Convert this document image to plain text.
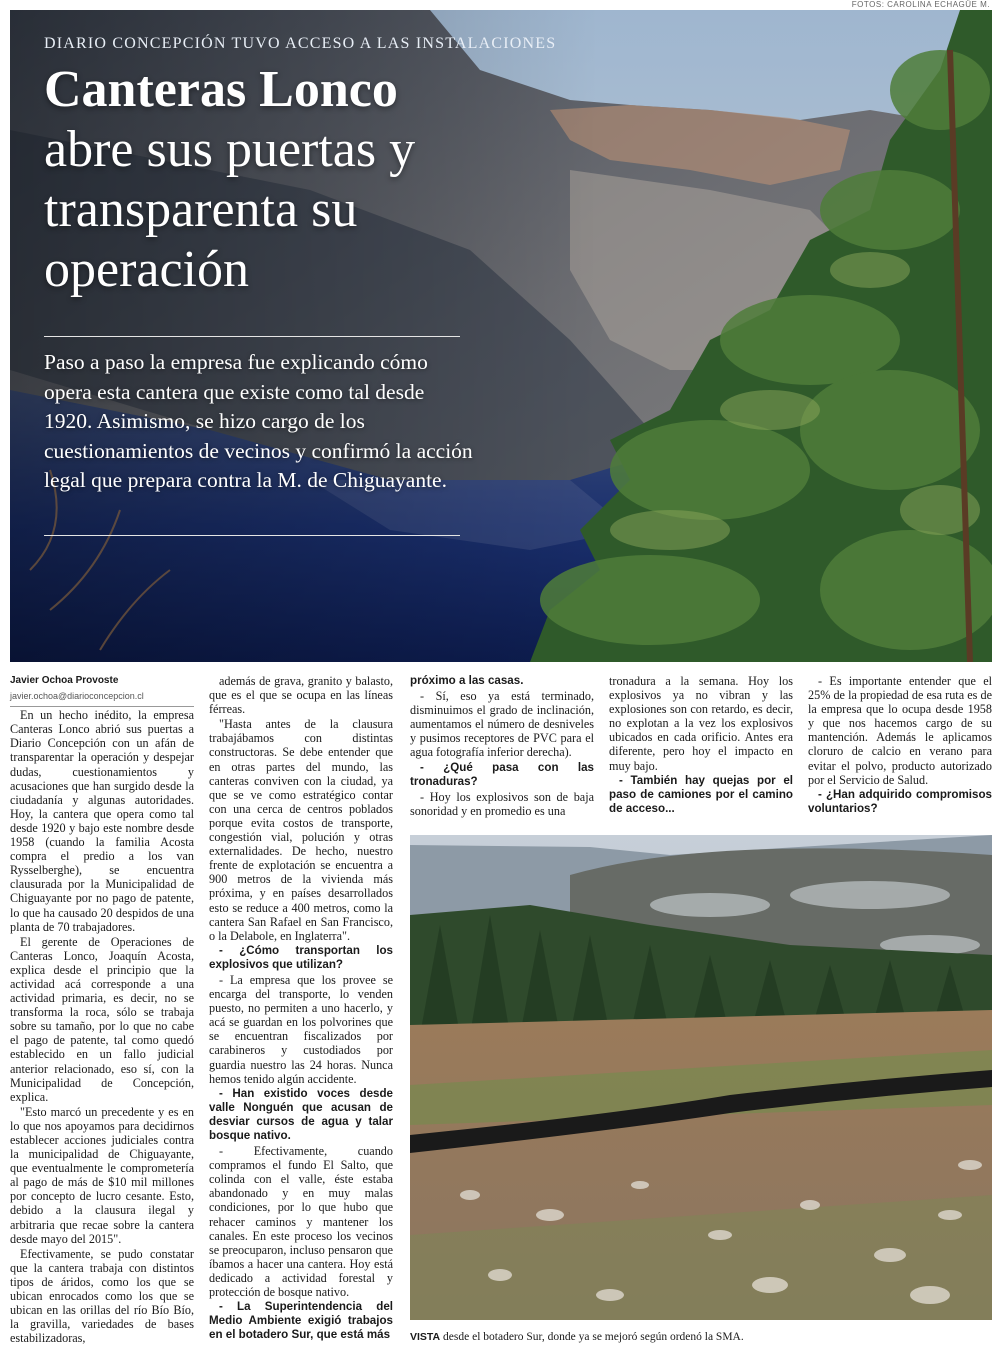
FOTOS: CAROLINA ECHAGÜE M.
DIARIO CONCEPCIÓN TUVO ACCESO A LAS INSTALACIONES
Canteras Lonco
abre sus puertas y transparenta su operación

Paso a paso la empresa fue explicando cómo opera esta cantera que existe como tal desde 1920. Asimismo, se hizo cargo de los cuestionamientos de vecinos y confirmó la acción legal que prepara contra la M. de Chiguayante.

Javier Ochoa Provoste

javier.ochoa@diarioconcepcion.cl

En un hecho inédito, la empresa Canteras Lonco abrió sus puertas a Diario Concepción con un afán de transparentar la operación y despejar dudas, cuestionamientos y acusaciones que han surgido desde la ciudadanía y algunas autoridades. Hoy, la cantera que opera como tal desde 1920 y bajo este nombre desde 1958 (cuando la familia Acosta compra el predio a los van Rysselberghe), se encuentra clausurada por la Municipalidad de Chiguayante por no pago de patente, lo que ha causado 20 despidos de una planta de 70 trabajadores.

El gerente de Operaciones de Canteras Lonco, Joaquín Acosta, explica desde el principio que la actividad acá corresponde a una actividad primaria, es decir, no se transforma la roca, sólo se trabaja sobre su tamaño, por lo que no cabe el pago de patente, tal como quedó establecido en un fallo judicial anterior relacionado, eso sí, con la Municipalidad de Concepción, explica.

"Esto marcó un precedente y es en lo que nos apoyamos para decidirnos establecer acciones judiciales contra la municipalidad de Chiguayante, que eventualmente le comprometería al pago de más de $10 mil millones por concepto de lucro cesante. Esto, debido a la clausura ilegal y arbitraria que recae sobre la cantera desde mayo del 2015".

Efectivamente, se pudo constatar que la cantera trabaja con distintos tipos de áridos, como los que se ubican enrocados como los que se ubican en las orillas del río Bío Bío, la gravilla, variedades de bases estabilizadoras,

además de grava, granito y balasto, que es el que se ocupa en las líneas férreas.

"Hasta antes de la clausura trabajábamos con distintas constructoras. Se debe entender que en otras partes del mundo, las canteras conviven con la ciudad, ya que se ve como estratégico contar con una cerca de centros poblados porque evita costos de transporte, congestión vial, polución y otras externalidades. De hecho, nuestro frente de explotación se encuentra a 900 metros de la vivienda más próxima, y en países desarrollados esto se reduce a 400 metros, como la cantera San Rafael en San Francisco, o la Delabole, en Inglaterra".

- ¿Cómo transportan los explosivos que utilizan?

- La empresa que los provee se encarga del transporte, lo venden puesto, no permiten a uno hacerlo, y acá se guardan en los polvorines que se encuentran fiscalizados por carabineros y custodiados por guardia nuestro las 24 horas. Nunca hemos tenido algún accidente.

- Han existido voces desde valle Nonguén que acusan de desviar cursos de agua y talar bosque nativo.

- Efectivamente, cuando compramos el fundo El Salto, que colinda con el valle, éste estaba abandonado y en muy malas condiciones, por lo que hubo que rehacer caminos y mantener los canales. En este proceso los vecinos se preocuparon, incluso pensaron que íbamos a hacer una cantera. Hoy está dedicado a actividad forestal y protección de bosque nativo.

- La Superintendencia del Medio Ambiente exigió trabajos en el botadero Sur, que está más

próximo a las casas.

- Sí, eso ya está terminado, disminuimos el grado de inclinación, aumentamos el número de desniveles y pusimos receptores de PVC para el agua fotografía inferior derecha).

- ¿Qué pasa con las tronaduras?

- Hoy los explosivos son de baja sonoridad y en promedio es una

tronadura a la semana. Hoy los explosivos ya no vibran y las explosiones son con retardo, es decir, no explotan a la vez los explosivos ubicados en cada orificio. Antes era diferente, pero hoy el impacto en muy bajo.

- También hay quejas por el paso de camiones por el camino de acceso...

- Es importante entender que el 25% de la propiedad de esa ruta es de la empresa que lo ocupa desde 1958 y que nos hacemos cargo de su mantención. Además le aplicamos cloruro de calcio en verano para evitar el polvo, producto autorizado por el Servicio de Salud.

- ¿Han adquirido compromisos voluntarios?

VISTA desde el botadero Sur, donde ya se mejoró según ordenó la SMA.
